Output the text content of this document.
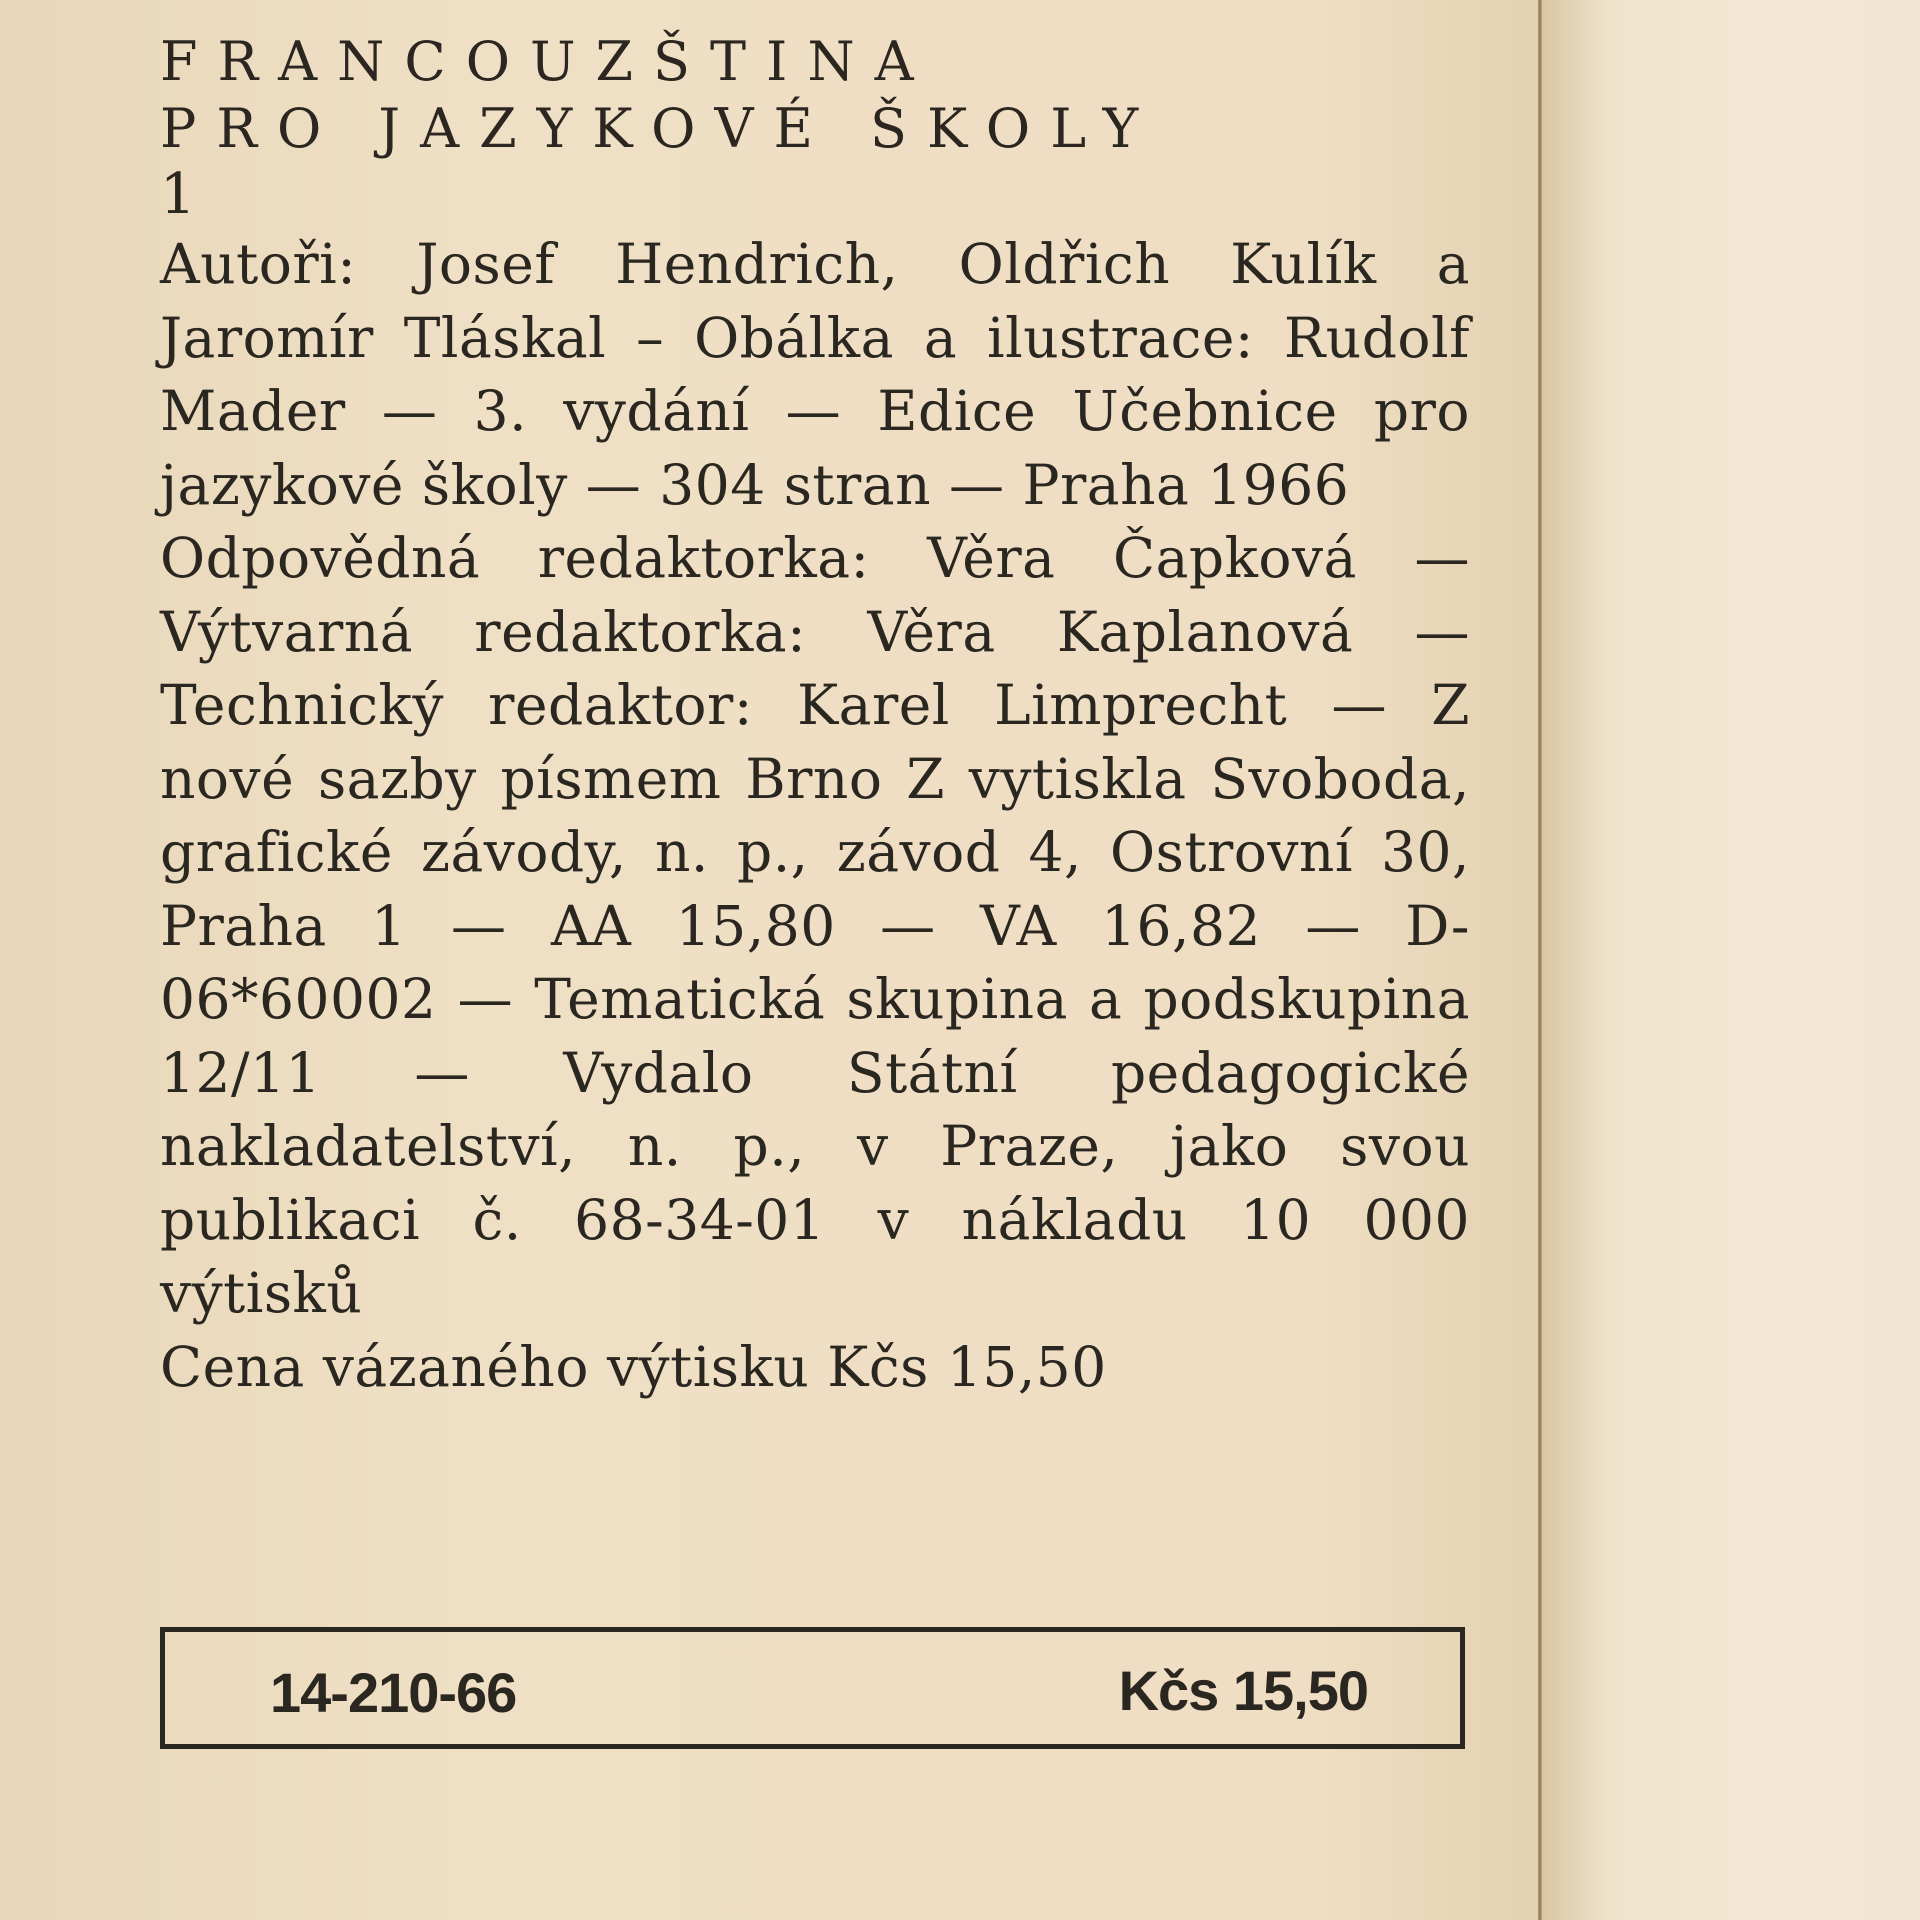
FRANCOUZŠTINA

PRO JAZYKOVÉ ŠKOLY

1

Autoři: Josef Hendrich, Oldřich Kulík a Jaromír Tláskal – Obálka a ilustrace: Rudolf Mader — 3. vydání — Edice Učebnice pro jazykové školy — 304 stran — Praha 1966

Odpovědná redaktorka: Věra Čapková — Výtvarná redaktorka: Věra Kaplanová — Technický redaktor: Karel Limprecht — Z nové sazby písmem Brno Z vytiskla Svoboda, grafické závody, n. p., závod 4, Ostrovní 30, Praha 1 — AA 15,80 — VA 16,82 — D-06*60002 — Tematická skupina a podskupina 12/11 — Vydalo Státní pedagogické nakladatelství, n. p., v Praze, jako svou publikaci č. 68-34-01 v nákladu 10 000 výtisků

Cena vázaného výtisku Kčs 15,50

14-210-66	Kčs 15,50
